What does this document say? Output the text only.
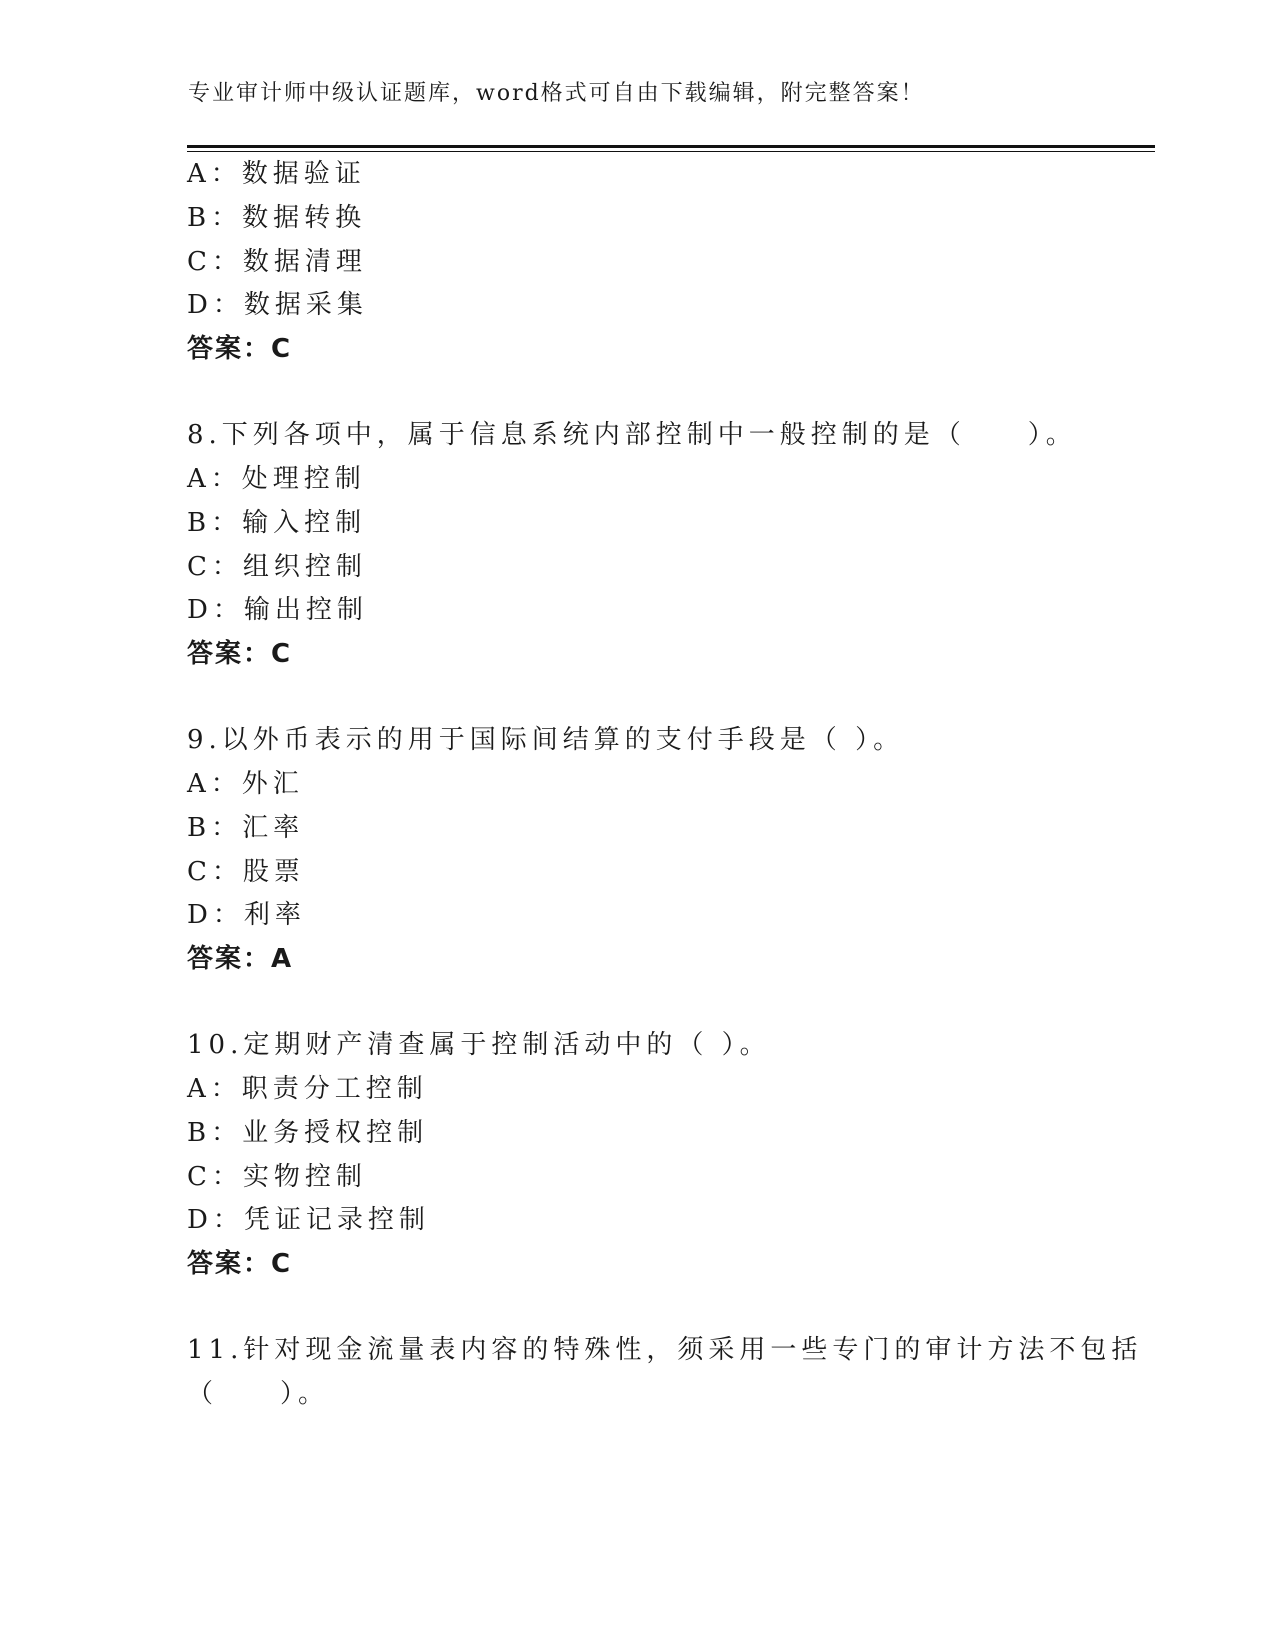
专业审计师中级认证题库，word格式可自由下载编辑，附完整答案！
A：数据验证
B：数据转换
C：数据清理
D：数据采集
答案：C
8.下列各项中，属于信息系统内部控制中一般控制的是（　　）。
A：处理控制
B：输入控制
C：组织控制
D：输出控制
答案：C
9.以外币表示的用于国际间结算的支付手段是（ ）。
A：外汇
B：汇率
C：股票
D：利率
答案：A
10.定期财产清查属于控制活动中的（ ）。
A：职责分工控制
B：业务授权控制
C：实物控制
D：凭证记录控制
答案：C
11.针对现金流量表内容的特殊性，须采用一些专门的审计方法不包括
（　　）。
